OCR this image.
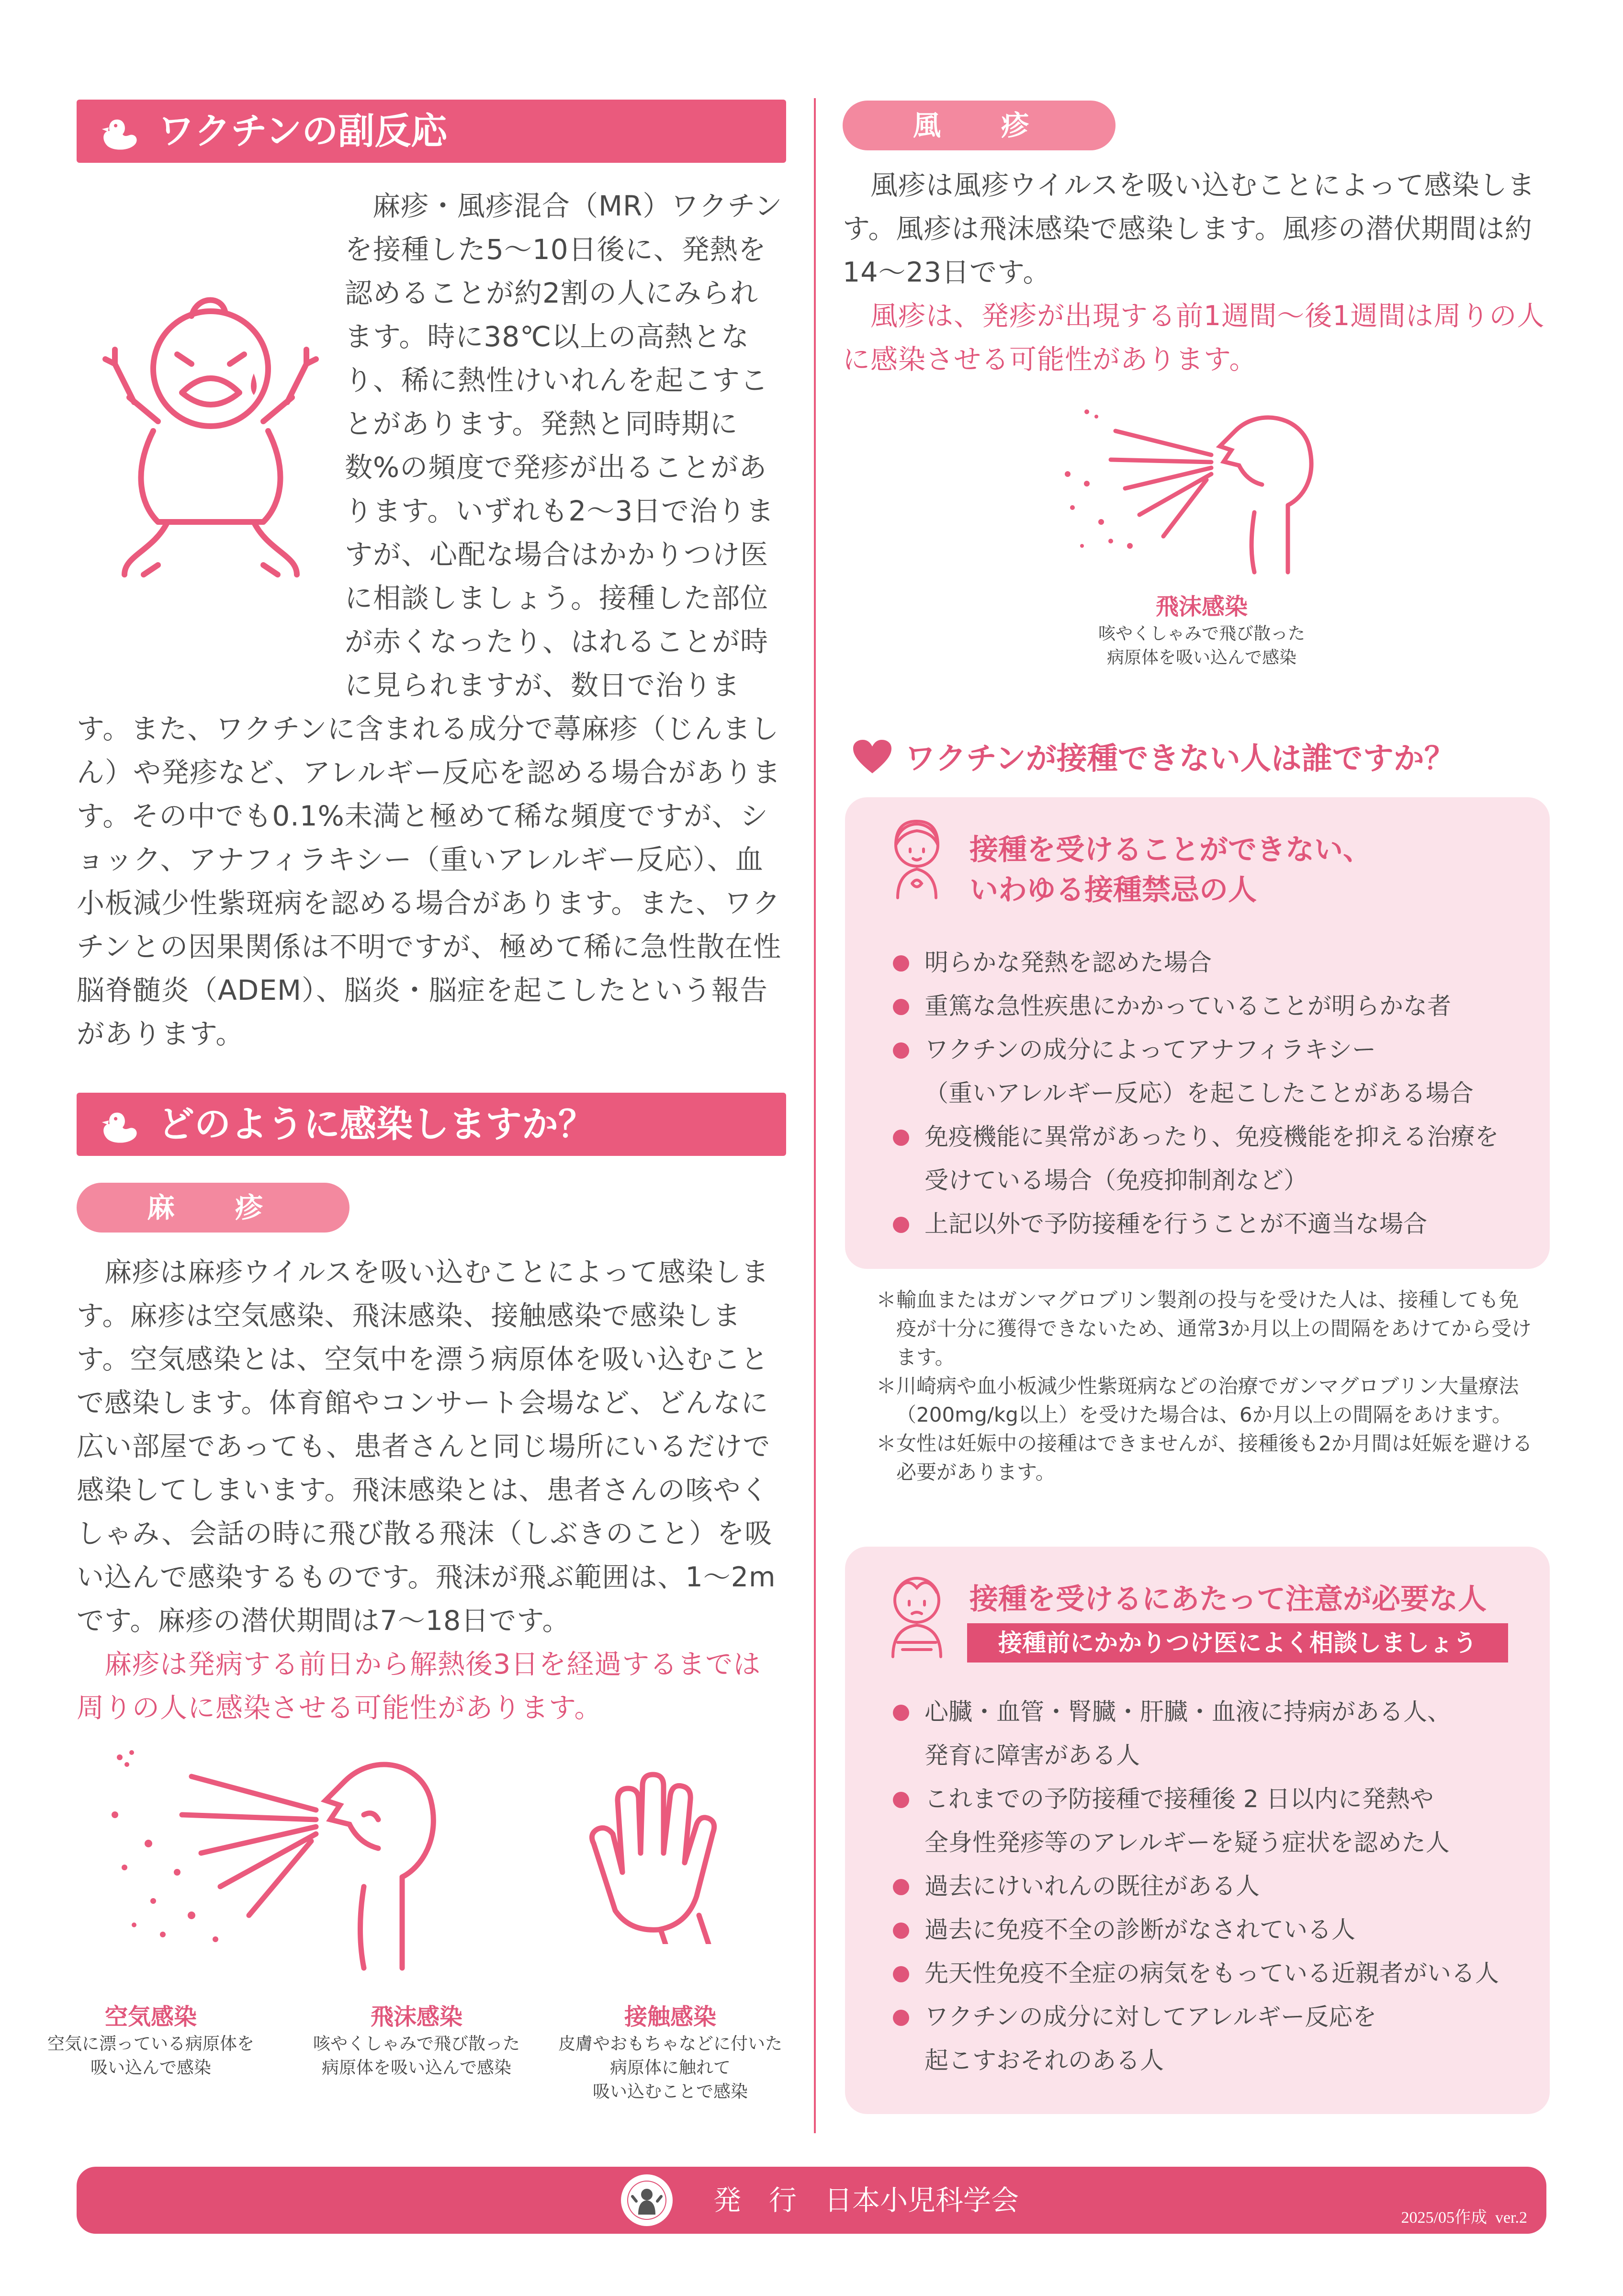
ワクチンの副反応

麻疹・風疹混合（MR）ワクチンを接種した5〜10日後に、発熱を認めることが約2割の人にみられます。時に38℃以上の高熱となり、稀に熱性けいれんを起こすことがあります。発熱と同時期に数%の頻度で発疹が出ることがあります。いずれも2〜3日で治りますが、心配な場合はかかりつけ医に相談しましょう。接種した部位が赤くなったり、はれることが時に見られますが、数日で治ります。また、ワクチンに含まれる成分で蕁麻疹（じんましん）や発疹など、アレルギー反応を認める場合があります。その中でも0.1%未満と極めて稀な頻度ですが、ショック、アナフィラキシー（重いアレルギー反応）、血小板減少性紫斑病を認める場合があります。また、ワクチンとの因果関係は不明ですが、極めて稀に急性散在性脳脊髄炎（ADEM）、脳炎・脳症を起こしたという報告があります。

どのように感染しますか？
麻　疹

麻疹は麻疹ウイルスを吸い込むことによって感染します。麻疹は空気感染、飛沫感染、接触感染で感染します。空気感染とは、空気中を漂う病原体を吸い込むことで感染します。体育館やコンサート会場など、どんなに広い部屋であっても、患者さんと同じ場所にいるだけで感染してしまいます。飛沫感染とは、患者さんの咳やくしゃみ、会話の時に飛び散る飛沫（しぶきのこと）を吸い込んで感染するものです。飛沫が飛ぶ範囲は、1〜2mです。麻疹の潜伏期間は7〜18日です。

麻疹は発病する前日から解熱後3日を経過するまでは周りの人に感染させる可能性があります。

空気感染
空気に漂っている病原体を
吸い込んで感染
飛沫感染
咳やくしゃみで飛び散った
病原体を吸い込んで感染
接触感染
皮膚やおもちゃなどに付いた
病原体に触れて
吸い込むことで感染
風　疹

風疹は風疹ウイルスを吸い込むことによって感染します。風疹は飛沫感染で感染します。風疹の潜伏期間は約14〜23日です。

風疹は、発疹が出現する前1週間〜後1週間は周りの人に感染させる可能性があります。

飛沫感染
咳やくしゃみで飛び散った
病原体を吸い込んで感染
ワクチンが接種できない人は誰ですか？
接種を受けることができない、
いわゆる接種禁忌の人
明らかな発熱を認めた場合
重篤な急性疾患にかかっていることが明らかな者
ワクチンの成分によってアナフィラキシー
（重いアレルギー反応）を起こしたことがある場合
免疫機能に異常があったり、免疫機能を抑える治療を
受けている場合（免疫抑制剤など）
上記以外で予防接種を行うことが不適当な場合

＊輸血またはガンマグロブリン製剤の投与を受けた人は、接種しても免疫が十分に獲得できないため、通常3か月以上の間隔をあけてから受けます。

＊川崎病や血小板減少性紫斑病などの治療でガンマグロブリン大量療法（200mg/kg以上）を受けた場合は、6か月以上の間隔をあけます。

＊女性は妊娠中の接種はできませんが、接種後も2か月間は妊娠を避ける必要があります。

接種を受けるにあたって注意が必要な人
接種前にかかりつけ医によく相談しましょう
心臓・血管・腎臓・肝臓・血液に持病がある人、
発育に障害がある人
これまでの予防接種で接種後 2 日以内に発熱や
全身性発疹等のアレルギーを疑う症状を認めた人
過去にけいれんの既往がある人
過去に免疫不全の診断がなされている人
先天性免疫不全症の病気をもっている近親者がいる人
ワクチンの成分に対してアレルギー反応を
起こすおそれのある人
発　行　日本小児科学会
2025/05作成  ver.2
